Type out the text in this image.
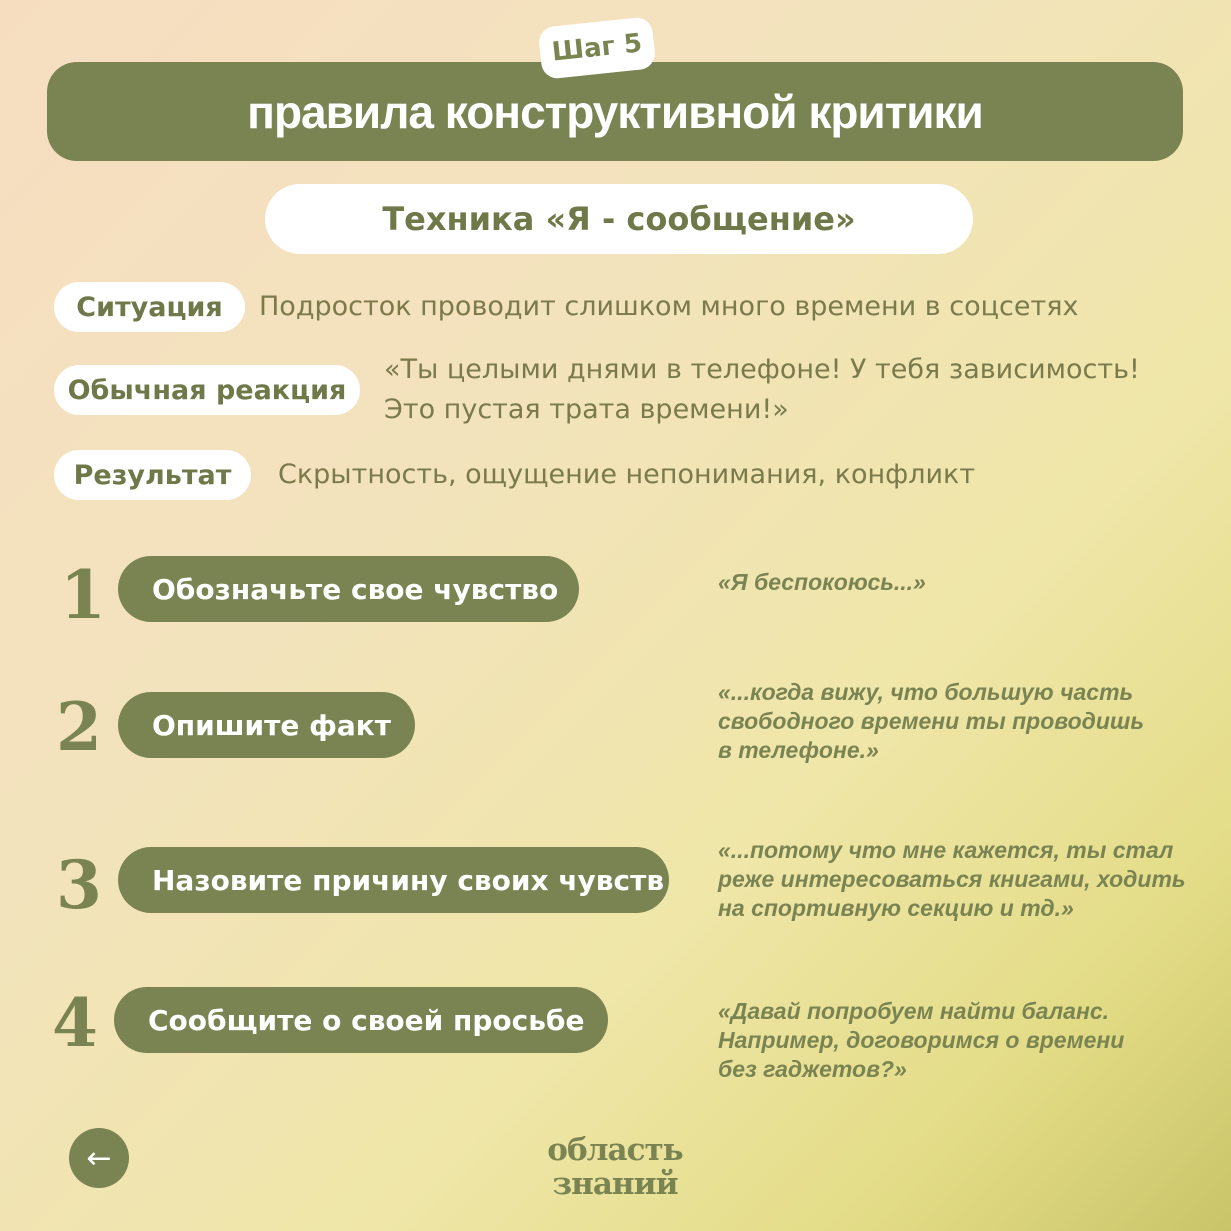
Шаг 5
правила конструктивной критики
Техника «Я - сообщение»
Ситуация	Подросток проводит слишком много времени в соцсетях
Обычная реакция
«Ты целыми днями в телефоне! У тебя зависимость!
Это пустая трата времени!»
Результат	Скрытность, ощущение непонимания, конфликт
1	Обозначьте свое чувство	«Я беспокоюсь...»
2	Опишите факт
«...когда вижу, что большую часть
свободного времени ты проводишь
в телефоне.»
3	Назовите причину своих чувств
«...потому что мне кажется, ты стал
реже интересоваться книгами, ходить
на спортивную секцию и тд.»
4	Сообщите о своей просьбе	«Давай попробуем найти баланс.
Например, договоримся о времени
без гаджетов?»
←	область
знаний
